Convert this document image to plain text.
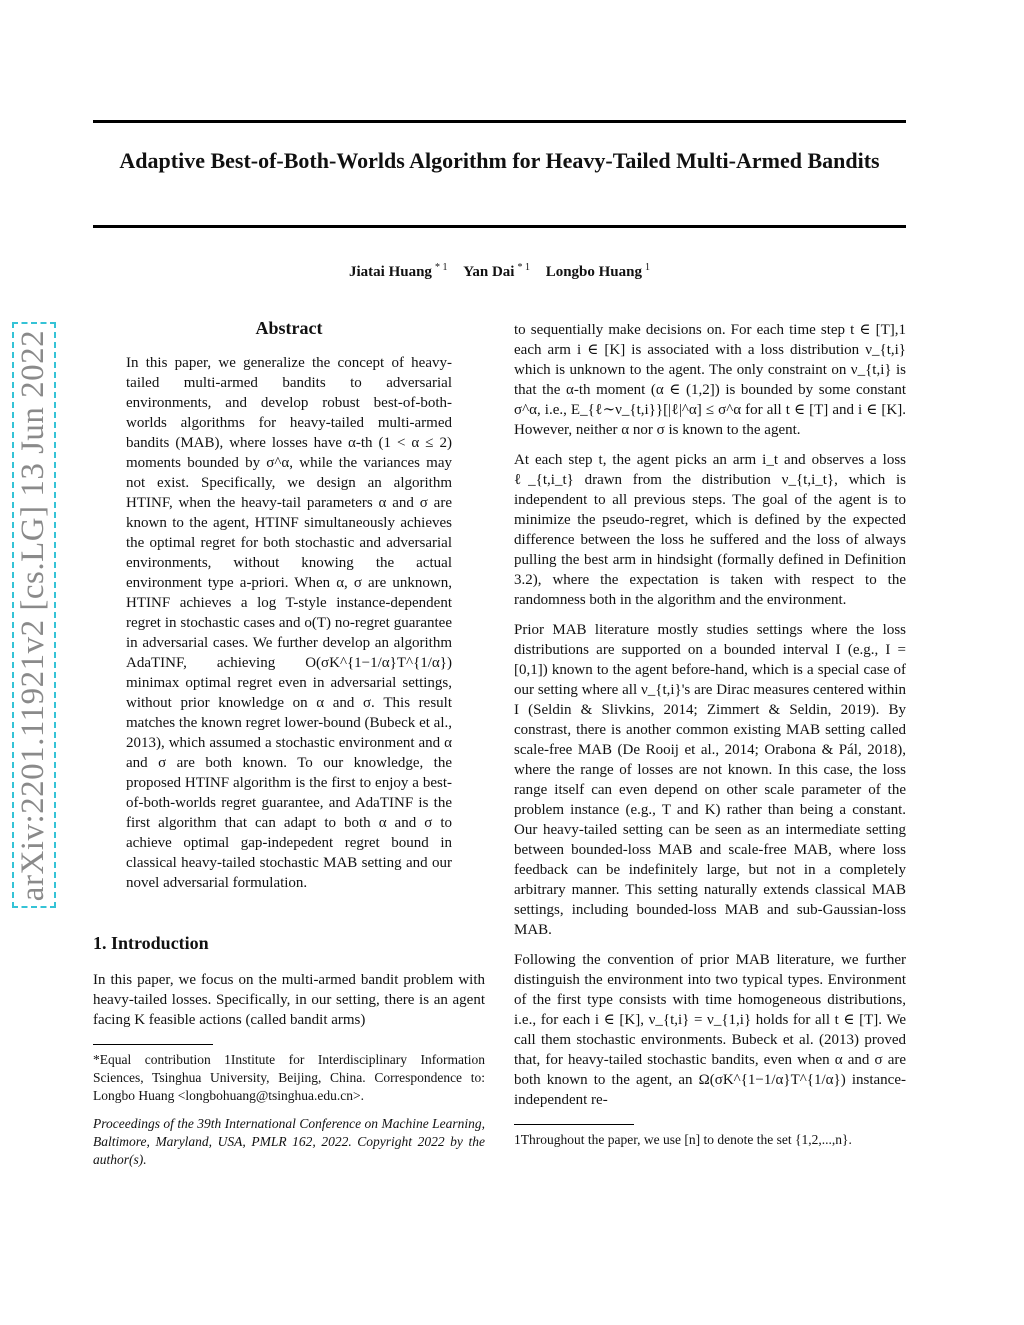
Adaptive Best-of-Both-Worlds Algorithm for Heavy-Tailed Multi-Armed Bandits
Jiatai Huang $^{* 1}$ Yan Dai $^{* 1}$ Longbo Huang $^1$
arXiv:2201.11921v2 [cs.LG] 13 Jun 2022
Abstract
In this paper, we generalize the concept of heavy-tailed multi-armed bandits to adversarial environments, and develop robust best-of-both-worlds algorithms for heavy-tailed multi-armed bandits (MAB), where losses have α-th (1 < α ≤ 2) moments bounded by σ^α, while the variances may not exist. Specifically, we design an algorithm HTINF, when the heavy-tail parameters α and σ are known to the agent, HTINF simultaneously achieves the optimal regret for both stochastic and adversarial environments, without knowing the actual environment type a-priori. When α, σ are unknown, HTINF achieves a log T-style instance-dependent regret in stochastic cases and o(T) no-regret guarantee in adversarial cases. We further develop an algorithm AdaTINF, achieving O(σK^{1−1/α}T^{1/α}) minimax optimal regret even in adversarial settings, without prior knowledge on α and σ. This result matches the known regret lower-bound (Bubeck et al., 2013), which assumed a stochastic environment and α and σ are both known. To our knowledge, the proposed HTINF algorithm is the first to enjoy a best-of-both-worlds regret guarantee, and AdaTINF is the first algorithm that can adapt to both α and σ to achieve optimal gap-indepedent regret bound in classical heavy-tailed stochastic MAB setting and our novel adversarial formulation.
1. Introduction

In this paper, we focus on the multi-armed bandit problem with heavy-tailed losses. Specifically, in our setting, there is an agent facing K feasible actions (called bandit arms)

*Equal contribution 1Institute for Interdisciplinary Information Sciences, Tsinghua University, Beijing, China. Correspondence to: Longbo Huang <longbohuang@tsinghua.edu.cn>.
Proceedings of the 39th International Conference on Machine Learning, Baltimore, Maryland, USA, PMLR 162, 2022. Copyright 2022 by the author(s).

to sequentially make decisions on. For each time step t ∈ [T],1 each arm i ∈ [K] is associated with a loss distribution ν_{t,i} which is unknown to the agent. The only constraint on ν_{t,i} is that the α-th moment (α ∈ (1,2]) is bounded by some constant σ^α, i.e., E_{ℓ∼ν_{t,i}}[|ℓ|^α] ≤ σ^α for all t ∈ [T] and i ∈ [K]. However, neither α nor σ is known to the agent.

At each step t, the agent picks an arm i_t and observes a loss ℓ_{t,i_t} drawn from the distribution ν_{t,i_t}, which is independent to all previous steps. The goal of the agent is to minimize the pseudo-regret, which is defined by the expected difference between the loss he suffered and the loss of always pulling the best arm in hindsight (formally defined in Definition 3.2), where the expectation is taken with respect to the randomness both in the algorithm and the environment.

Prior MAB literature mostly studies settings where the loss distributions are supported on a bounded interval I (e.g., I = [0,1]) known to the agent before-hand, which is a special case of our setting where all ν_{t,i}'s are Dirac measures centered within I (Seldin & Slivkins, 2014; Zimmert & Seldin, 2019). By constrast, there is another common existing MAB setting called scale-free MAB (De Rooij et al., 2014; Orabona & Pál, 2018), where the range of losses are not known. In this case, the loss range itself can even depend on other scale parameter of the problem instance (e.g., T and K) rather than being a constant. Our heavy-tailed setting can be seen as an intermediate setting between bounded-loss MAB and scale-free MAB, where loss feedback can be indefinitely large, but not in a completely arbitrary manner. This setting naturally extends classical MAB settings, including bounded-loss MAB and sub-Gaussian-loss MAB.

Following the convention of prior MAB literature, we further distinguish the environment into two typical types. Environment of the first type consists with time homogeneous distributions, i.e., for each i ∈ [K], ν_{t,i} = ν_{1,i} holds for all t ∈ [T]. We call them stochastic environments. Bubeck et al. (2013) proved that, for heavy-tailed stochastic bandits, even when α and σ are both known to the agent, an Ω(σK^{1−1/α}T^{1/α}) instance-independent re-

1Throughout the paper, we use [n] to denote the set {1,2,...,n}.
